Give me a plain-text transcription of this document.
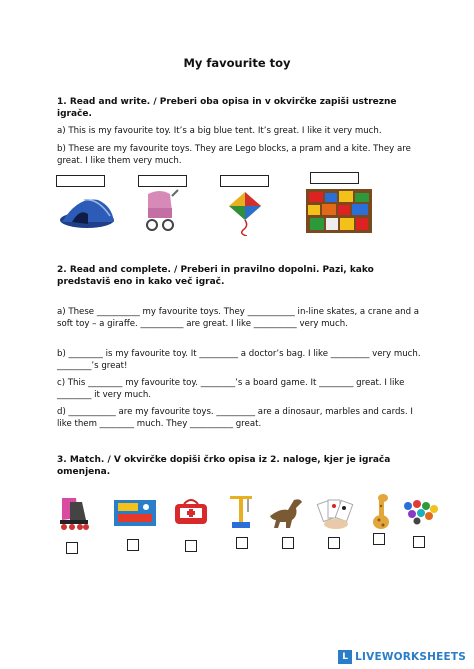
My favourite toy
1. Read and write. / Preberi oba opisa in v okvirčke zapiši ustrezne igrače.
a) This is my favourite toy. It’s a big blue tent. It’s great. I like it very much.
b) These are my favourite toys. They are Lego blocks, a pram and a kite. They are great. I like them very much.
2. Read and complete. / Preberi in pravilno dopolni. Pazi, kako predstaviš eno in kako več igrač.
a) These __________ my favourite toys. They ___________ in-line skates, a crane and a soft toy – a giraffe. __________ are great. I like __________ very much.
b) ________ is my favourite toy. It _________ a doctor’s bag. I like _________ very much. ________’s great!
c) This ________ my favourite toy. ________’s a board game. It ________ great. I like ________ it very much.
d) ___________ are my favourite toys. _________ are a dinosaur, marbles and cards. I like them ________ much. They __________ great.
3. Match. / V okvirčke dopiši črko opisa iz 2. naloge, kjer je igrača omenjena.
L LIVEWORKSHEETS
